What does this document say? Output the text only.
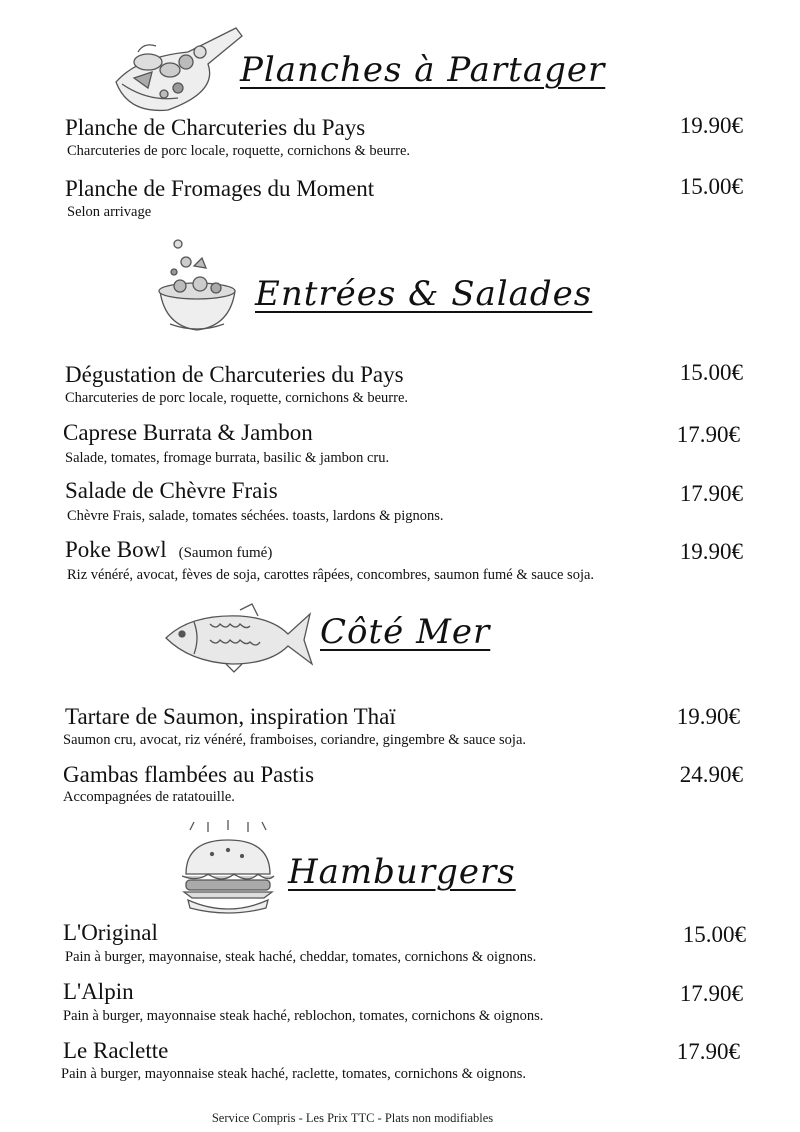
Planches à Partager
Planche de Charcuteries du Pays	19.90€
Charcuteries de porc locale, roquette, cornichons & beurre.
Planche de Fromages du Moment	15.00€
Selon arrivage
Entrées & Salades
Dégustation de Charcuteries du Pays	15.00€
Charcuteries de porc locale, roquette, cornichons & beurre.
Caprese Burrata & Jambon	17.90€
Salade, tomates, fromage burrata, basilic & jambon cru.
Salade de Chèvre Frais	17.90€
Chèvre Frais, salade, tomates séchées. toasts, lardons & pignons.
Poke Bowl (Saumon fumé)	19.90€
Riz vénéré, avocat, fèves de soja, carottes râpées, concombres, saumon fumé & sauce soja.
Côté Mer
Tartare de Saumon, inspiration Thaï	19.90€
Saumon cru, avocat, riz vénéré, framboises, coriandre, gingembre & sauce soja.
Gambas flambées au Pastis	24.90€
Accompagnées de ratatouille.
Hamburgers
L'Original	15.00€
Pain à burger, mayonnaise, steak haché, cheddar, tomates, cornichons & oignons.
L'Alpin	17.90€
Pain à burger, mayonnaise steak haché, reblochon, tomates, cornichons & oignons.
Le Raclette	17.90€
Pain à burger, mayonnaise steak haché, raclette, tomates, cornichons & oignons.
Service Compris - Les Prix TTC - Plats non modifiables
